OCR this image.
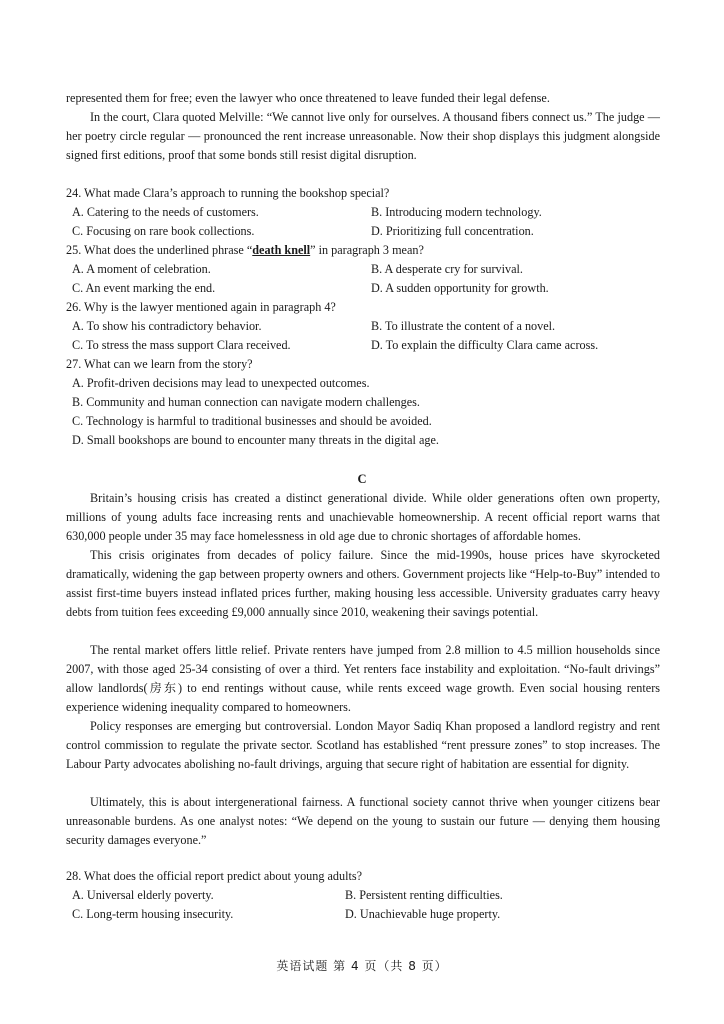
represented them for free; even the lawyer who once threatened to leave funded their legal defense.
In the court, Clara quoted Melville: “We cannot live only for ourselves. A thousand fibers connect us.” The judge — her poetry circle regular — pronounced the rent increase unreasonable. Now their shop displays this judgment alongside signed first editions, proof that some bonds still resist digital disruption.
24. What made Clara’s approach to running the bookshop special?
A. Catering to the needs of customers.	B. Introducing modern technology.
C. Focusing on rare book collections.	D. Prioritizing full concentration.
25. What does the underlined phrase “death knell” in paragraph 3 mean?
A. A moment of celebration.	B. A desperate cry for survival.
C. An event marking the end.	D. A sudden opportunity for growth.
26. Why is the lawyer mentioned again in paragraph 4?
A. To show his contradictory behavior.	B. To illustrate the content of a novel.
C. To stress the mass support Clara received.	D. To explain the difficulty Clara came across.
27. What can we learn from the story?
A. Profit-driven decisions may lead to unexpected outcomes.
B. Community and human connection can navigate modern challenges.
C. Technology is harmful to traditional businesses and should be avoided.
D. Small bookshops are bound to encounter many threats in the digital age.
C
Britain’s housing crisis has created a distinct generational divide. While older generations often own property, millions of young adults face increasing rents and unachievable homeownership. A recent official report warns that 630,000 people under 35 may face homelessness in old age due to chronic shortages of affordable homes.
This crisis originates from decades of policy failure. Since the mid-1990s, house prices have skyrocketed dramatically, widening the gap between property owners and others. Government projects like “Help-to-Buy” intended to assist first-time buyers instead inflated prices further, making housing less accessible. University graduates carry heavy debts from tuition fees exceeding £9,000 annually since 2010, weakening their savings potential.
The rental market offers little relief. Private renters have jumped from 2.8 million to 4.5 million households since 2007, with those aged 25-34 consisting of over a third. Yet renters face instability and exploitation. “No-fault drivings” allow landlords(房东) to end rentings without cause, while rents exceed wage growth. Even social housing renters experience widening inequality compared to homeowners.
Policy responses are emerging but controversial. London Mayor Sadiq Khan proposed a landlord registry and rent control commission to regulate the private sector. Scotland has established “rent pressure zones” to stop increases. The Labour Party advocates abolishing no-fault drivings, arguing that secure right of habitation are essential for dignity.
Ultimately, this is about intergenerational fairness. A functional society cannot thrive when younger citizens bear unreasonable burdens. As one analyst notes: “We depend on the young to sustain our future — denying them housing security damages everyone.”
28. What does the official report predict about young adults?
A. Universal elderly poverty.	B. Persistent renting difficulties.
C. Long-term housing insecurity.	D. Unachievable huge property.
英语试题 第 4 页（共 8 页）
